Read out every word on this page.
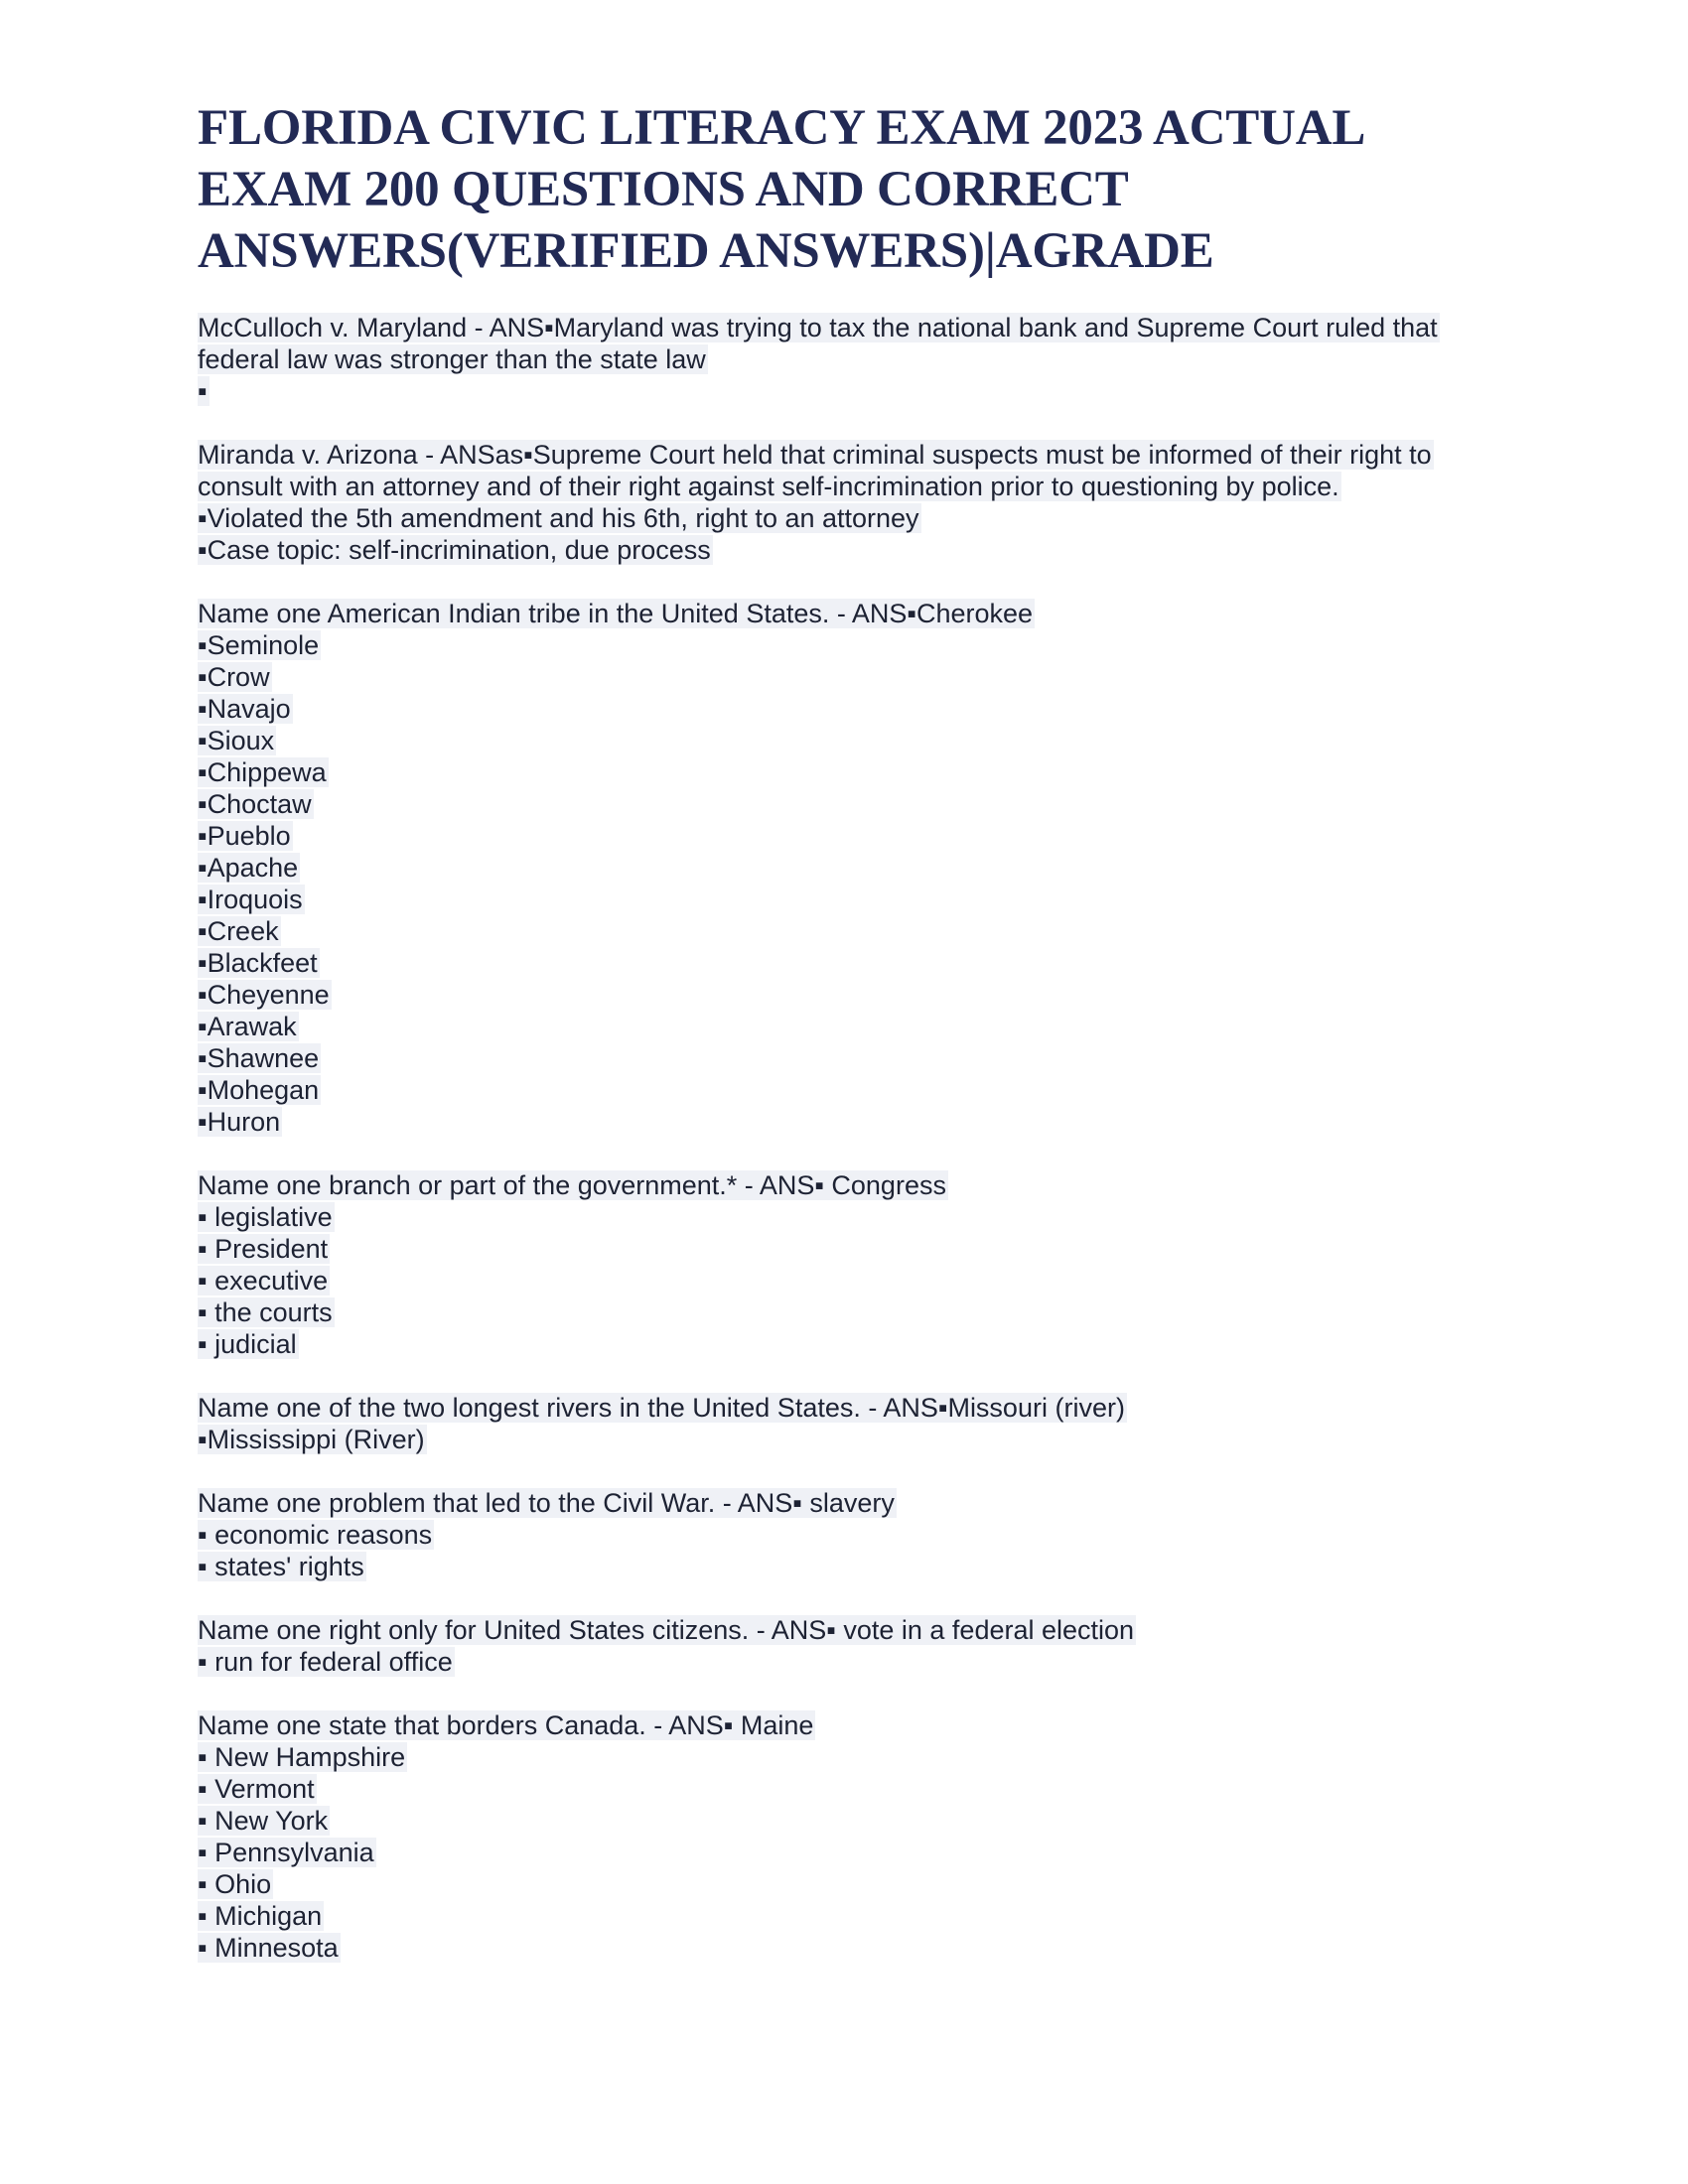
FLORIDA CIVIC LITERACY EXAM 2023 ACTUAL EXAM 200 QUESTIONS AND CORRECT ANSWERS(VERIFIED ANSWERS)|AGRADE
McCulloch v. Maryland - ANS▪Maryland was trying to tax the national bank and Supreme Court ruled that federal law was stronger than the state law
▪
Miranda v. Arizona - ANSas▪Supreme Court held that criminal suspects must be informed of their right to consult with an attorney and of their right against self-incrimination prior to questioning by police.
▪Violated the 5th amendment and his 6th, right to an attorney
▪Case topic: self-incrimination, due process
Name one American Indian tribe in the United States. - ANS▪Cherokee
▪Seminole
▪Crow
▪Navajo
▪Sioux
▪Chippewa
▪Choctaw
▪Pueblo
▪Apache
▪Iroquois
▪Creek
▪Blackfeet
▪Cheyenne
▪Arawak
▪Shawnee
▪Mohegan
▪Huron
Name one branch or part of the government.* - ANS▪ Congress
▪ legislative
▪ President
▪ executive
▪ the courts
▪ judicial
Name one of the two longest rivers in the United States. - ANS▪Missouri (river)
▪Mississippi (River)
Name one problem that led to the Civil War. - ANS▪ slavery
▪ economic reasons
▪ states' rights
Name one right only for United States citizens. - ANS▪ vote in a federal election
▪ run for federal office
Name one state that borders Canada. - ANS▪ Maine
▪ New Hampshire
▪ Vermont
▪ New York
▪ Pennsylvania
▪ Ohio
▪ Michigan
▪ Minnesota
